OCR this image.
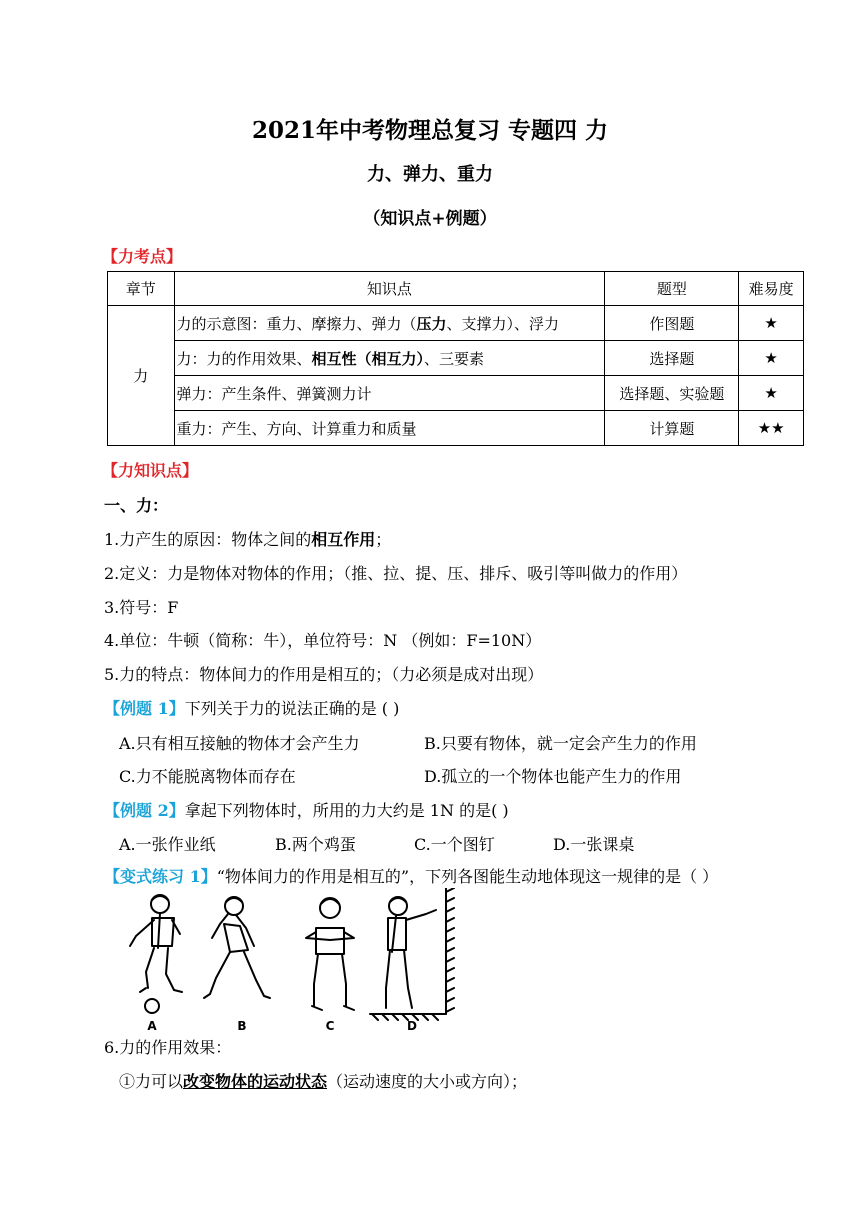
2021年中考物理总复习 专题四 力
力、弹力、重力
（知识点+例题）
【力考点】
章节	知识点	题型	难易度
力	力的示意图：重力、摩擦力、弹力（压力、支撑力）、浮力	作图题	★
	力：力的作用效果、相互性（相互力）、三要素	选择题	★
	弹力：产生条件、弹簧测力计	选择题、实验题	★
	重力：产生、方向、计算重力和质量	计算题	★★
【力知识点】
一、力：
1.力产生的原因：物体之间的相互作用；
2.定义：力是物体对物体的作用；（推、拉、提、压、排斥、吸引等叫做力的作用）
3.符号：F
4.单位：牛顿（简称：牛），单位符号：N （例如：F=10N）
5.力的特点：物体间力的作用是相互的；（力必须是成对出现）
【例题 1】下列关于力的说法正确的是 ( )
A.只有相互接触的物体才会产生力	B.只要有物体，就一定会产生力的作用
C.力不能脱离物体而存在	D.孤立的一个物体也能产生力的作用
【例题 2】拿起下列物体时，所用的力大约是 1N 的是( )
A.一张作业纸	B.两个鸡蛋	C.一个图钉	D.一张课桌
【变式练习 1】“物体间力的作用是相互的”，下列各图能生动地体现这一规律的是（ ）
A	B	C	D
6.力的作用效果：
①力可以改变物体的运动状态（运动速度的大小或方向）；
